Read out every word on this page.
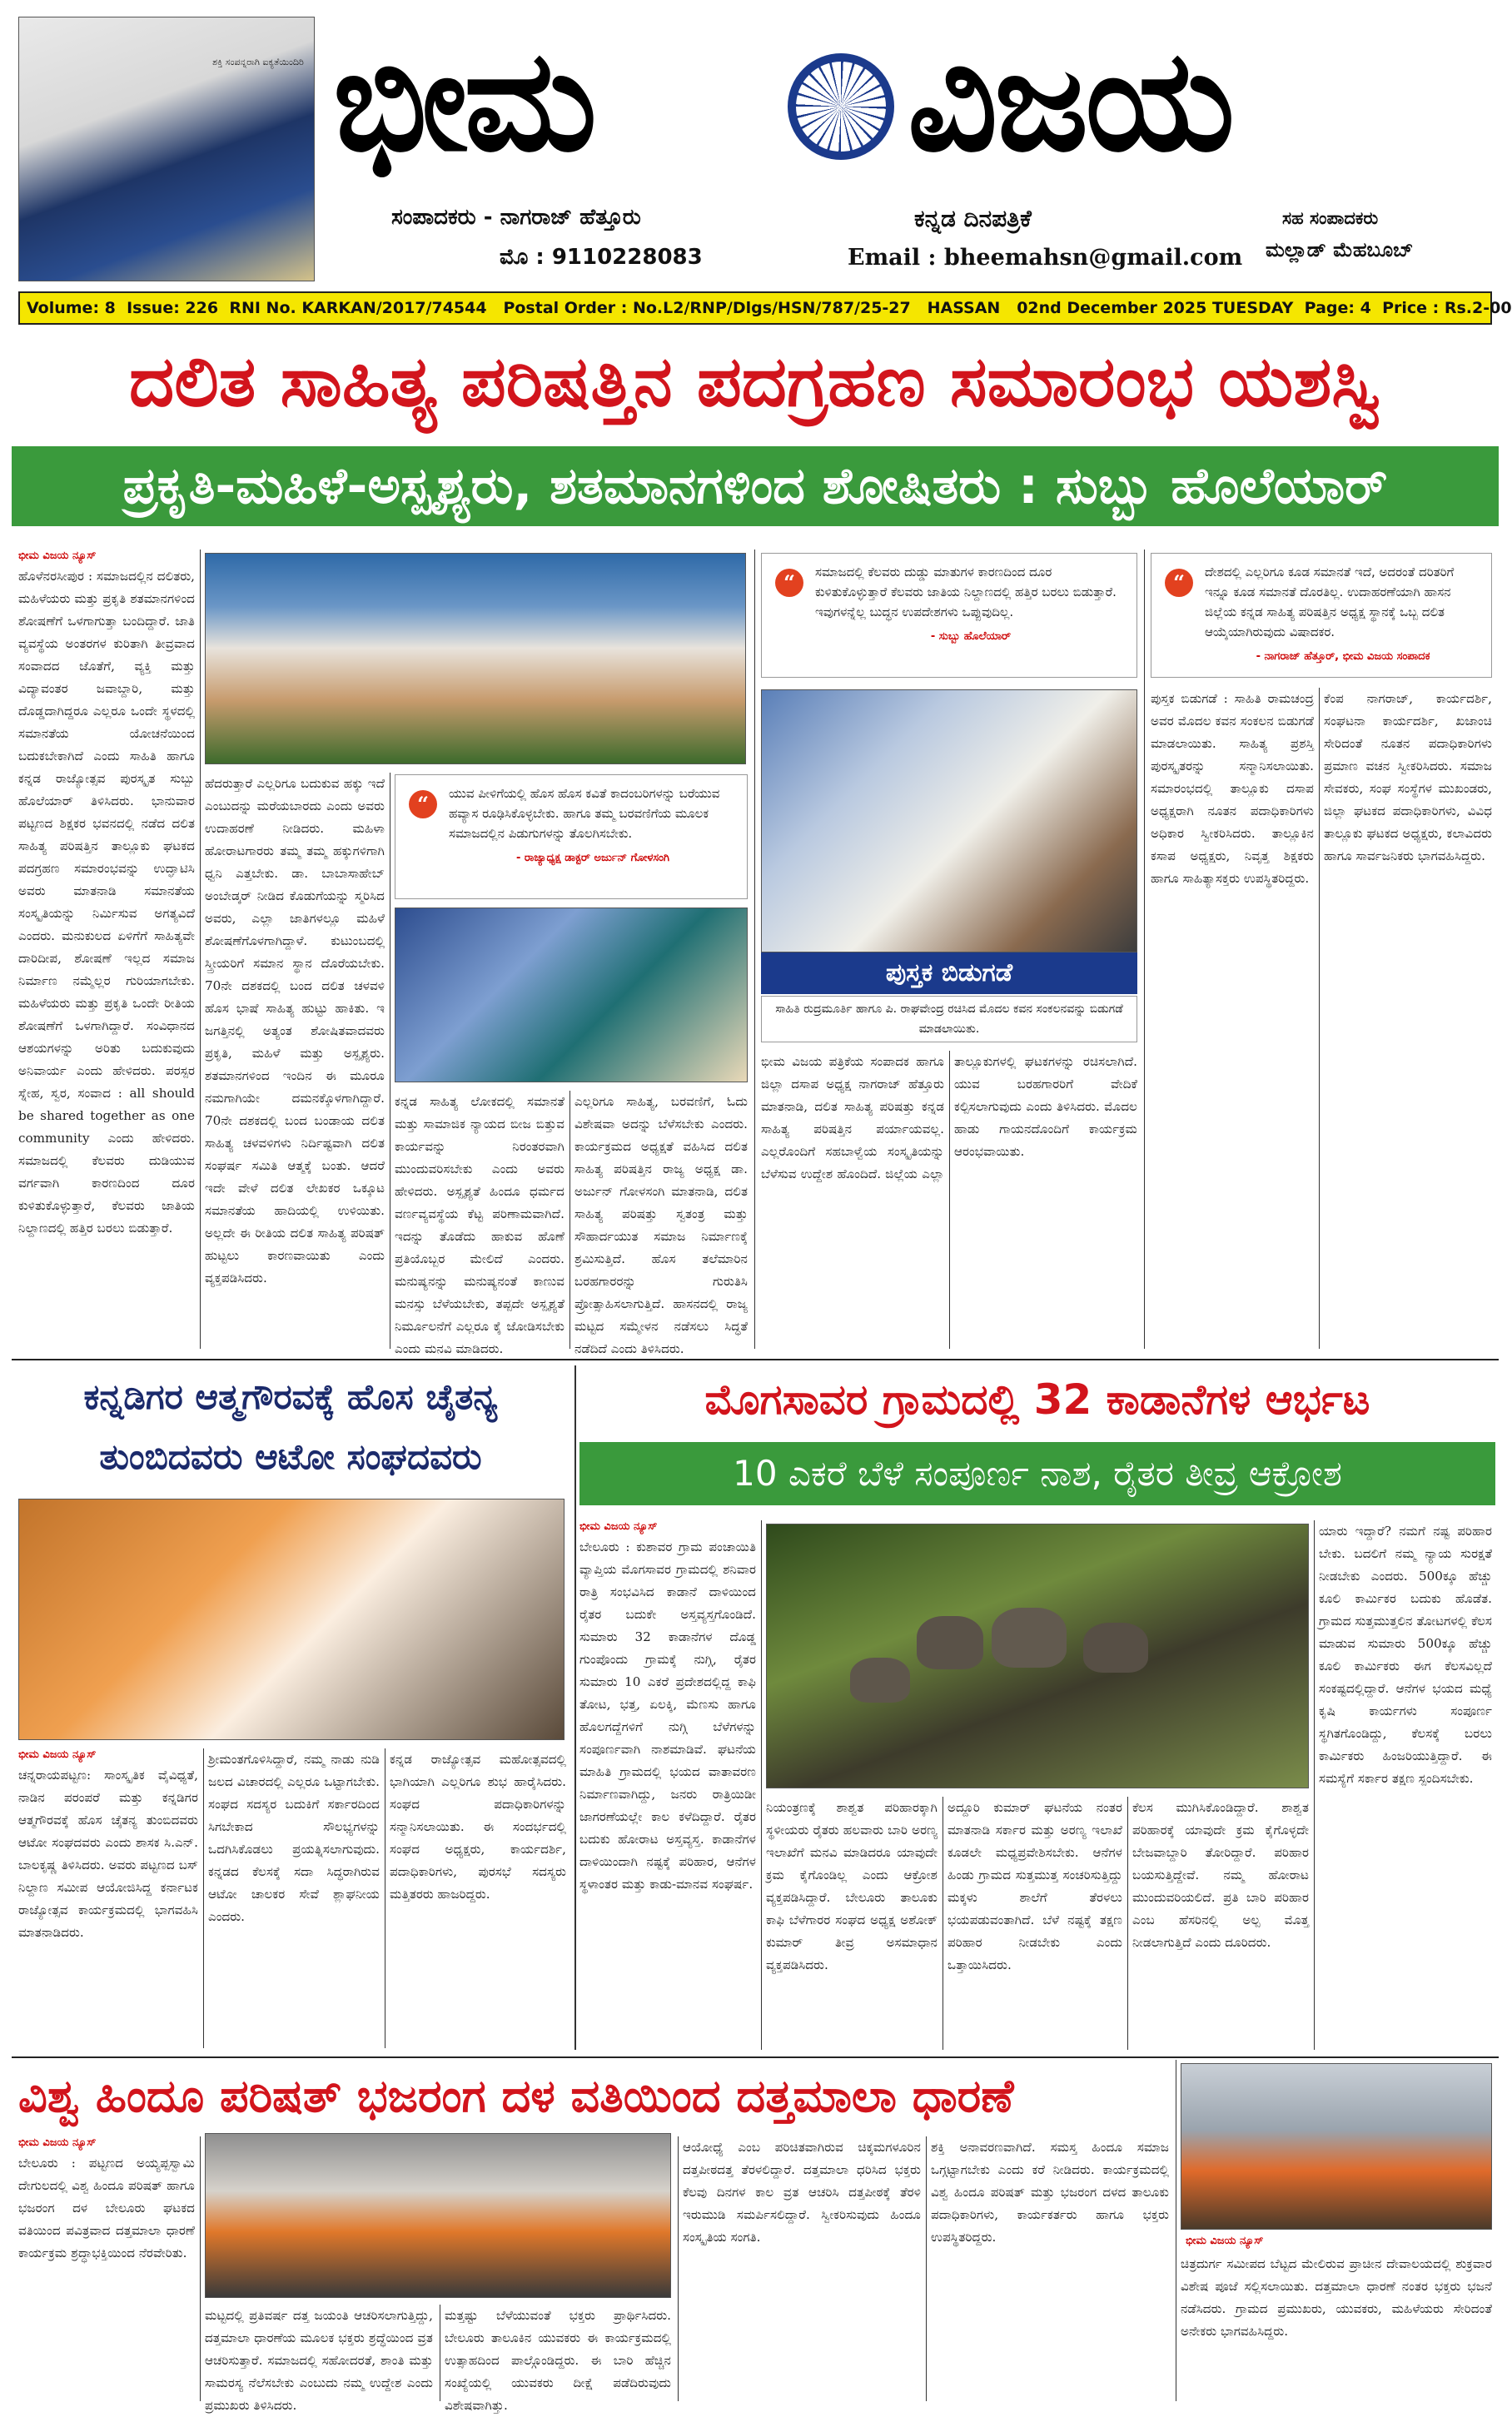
ಶಕ್ತಿ ಸಂಪನ್ನರಾಗಿ ಐಕ್ಯತೆಯಿಂದಿರಿ ಭೀಮ ವಿಜಯ
ಸಂಪಾದಕರು - ನಾಗರಾಜ್ ಹೆತ್ತೂರು
ಮೊ : 9110228083
ಕನ್ನಡ ದಿನಪತ್ರಿಕೆ
Email : bheemahsn@gmail.com
ಸಹ ಸಂಪಾದಕರು
ಮಲ್ಲಾಡ್ ಮೆಹಬೂಬ್
Volume: 8 Issue: 226 RNI No. KARKAN/2017/74544 Postal Order : No.L2/RNP/Dlgs/HSN/787/25-27 HASSAN 02nd December 2025 TUESDAY Page: 4 Price : Rs.2-00
ದಲಿತ ಸಾಹಿತ್ಯ ಪರಿಷತ್ತಿನ ಪದಗ್ರಹಣ ಸಮಾರಂಭ ಯಶಸ್ವಿ
ಪ್ರಕೃತಿ-ಮಹಿಳೆ-ಅಸ್ಪೃಶ್ಯರು, ಶತಮಾನಗಳಿಂದ ಶೋಷಿತರು : ಸುಬ್ಬು ಹೊಲೆಯಾರ್
ಭೀಮ ವಿಜಯ ನ್ಯೂಸ್
ಹೊಳೆನರಸೀಪುರ : ಸಮಾಜದಲ್ಲಿನ ದಲಿತರು, ಮಹಿಳೆಯರು ಮತ್ತು ಪ್ರಕೃತಿ ಶತಮಾನಗಳಿಂದ ಶೋಷಣೆಗೆ ಒಳಗಾಗುತ್ತಾ ಬಂದಿದ್ದಾರೆ. ಜಾತಿ ವ್ಯವಸ್ಥೆಯ ಅಂತರಗಳ ಕುರಿತಾಗಿ ತೀವ್ರವಾದ ಸಂವಾದದ ಜೊತೆಗೆ, ವ್ಯಕ್ತಿ ಮತ್ತು ವಿದ್ಯಾವಂತರ ಜವಾಬ್ದಾರಿ, ಮತ್ತು ದೊಡ್ಡದಾಗಿದ್ದರೂ ಎಲ್ಲರೂ ಒಂದೇ ಸ್ಥಳದಲ್ಲಿ ಸಮಾನತೆಯ ಯೋಚನೆಯಿಂದ ಬದುಕಬೇಕಾಗಿದೆ ಎಂದು ಸಾಹಿತಿ ಹಾಗೂ ಕನ್ನಡ ರಾಜ್ಯೋತ್ಸವ ಪುರಸ್ಕೃತ ಸುಬ್ಬು ಹೊಲೆಯಾರ್ ತಿಳಿಸಿದರು. ಭಾನುವಾರ ಪಟ್ಟಣದ ಶಿಕ್ಷಕರ ಭವನದಲ್ಲಿ ನಡೆದ ದಲಿತ ಸಾಹಿತ್ಯ ಪರಿಷತ್ತಿನ ತಾಲ್ಲೂಕು ಘಟಕದ ಪದಗ್ರಹಣ ಸಮಾರಂಭವನ್ನು ಉದ್ಘಾಟಿಸಿ ಅವರು ಮಾತನಾಡಿ ಸಮಾನತೆಯ ಸಂಸ್ಕೃತಿಯನ್ನು ನಿರ್ಮಿಸುವ ಅಗತ್ಯವಿದೆ ಎಂದರು. ಮನುಕುಲದ ಏಳಿಗೆಗೆ ಸಾಹಿತ್ಯವೇ ದಾರಿದೀಪ, ಶೋಷಣೆ ಇಲ್ಲದ ಸಮಾಜ ನಿರ್ಮಾಣ ನಮ್ಮೆಲ್ಲರ ಗುರಿಯಾಗಬೇಕು. ಮಹಿಳೆಯರು ಮತ್ತು ಪ್ರಕೃತಿ ಒಂದೇ ರೀತಿಯ ಶೋಷಣೆಗೆ ಒಳಗಾಗಿದ್ದಾರೆ. ಸಂವಿಧಾನದ ಆಶಯಗಳನ್ನು ಅರಿತು ಬದುಕುವುದು ಅನಿವಾರ್ಯ ಎಂದು ಹೇಳಿದರು. ಪರಸ್ಪರ ಸ್ನೇಹ, ಸ್ವರ, ಸಂವಾದ : all should be shared together as one community ಎಂದು ಹೇಳಿದರು. ಸಮಾಜದಲ್ಲಿ ಕೆಲವರು ದುಡಿಯುವ ವರ್ಗವಾಗಿ ಕಾರಣದಿಂದ ದೂರ ಕುಳಿತುಕೊಳ್ಳುತ್ತಾರೆ, ಕೆಲವರು ಜಾತಿಯ ನಿಲ್ದಾಣದಲ್ಲಿ ಹತ್ತಿರ ಬರಲು ಬಿಡುತ್ತಾರೆ.
ಹೆದರುತ್ತಾರೆ ಎಲ್ಲರಿಗೂ ಬದುಕುವ ಹಕ್ಕು ಇದೆ ಎಂಬುದನ್ನು ಮರೆಯಬಾರದು ಎಂದು ಅವರು ಉದಾಹರಣೆ ನೀಡಿದರು. ಮಹಿಳಾ ಹೋರಾಟಗಾರರು ತಮ್ಮ ತಮ್ಮ ಹಕ್ಕುಗಳಿಗಾಗಿ ಧ್ವನಿ ಎತ್ತಬೇಕು. ಡಾ. ಬಾಬಾಸಾಹೇಬ್ ಅಂಬೇಡ್ಕರ್ ನೀಡಿದ ಕೊಡುಗೆಯನ್ನು ಸ್ಮರಿಸಿದ ಅವರು, ಎಲ್ಲಾ ಜಾತಿಗಳಲ್ಲೂ ಮಹಿಳೆ ಶೋಷಣೆಗೊಳಗಾಗಿದ್ದಾಳೆ. ಕುಟುಂಬದಲ್ಲಿ ಸ್ತ್ರೀಯರಿಗೆ ಸಮಾನ ಸ್ಥಾನ ದೊರೆಯಬೇಕು. 70ನೇ ದಶಕದಲ್ಲಿ ಬಂದ ದಲಿತ ಚಳವಳಿ ಹೊಸ ಭಾಷೆ ಸಾಹಿತ್ಯ ಹುಟ್ಟು ಹಾಕಿತು. ಇ ಜಗತ್ತಿನಲ್ಲಿ ಅತ್ಯಂತ ಶೋಷಿತವಾದವರು ಪ್ರಕೃತಿ, ಮಹಿಳೆ ಮತ್ತು ಅಸ್ಪೃಶ್ಯರು. ಶತಮಾನಗಳಿಂದ ಇಂದಿನ ಈ ಮೂರೂ ನಮಗಾಗಿಯೇ ದಮನಕ್ಕೊಳಗಾಗಿದ್ದಾರೆ. 70ನೇ ದಶಕದಲ್ಲಿ ಬಂದ ಬಂಡಾಯ ದಲಿತ ಸಾಹಿತ್ಯ ಚಳವಳಿಗಳು ನಿರ್ದಿಷ್ಟವಾಗಿ ದಲಿತ ಸಂಘರ್ಷ ಸಮಿತಿ ಆತ್ಮಕ್ಕೆ ಬಂತು. ಆದರೆ ಇದೇ ವೇಳೆ ದಲಿತ ಲೇಖಕರ ಒಕ್ಕೂಟ ಸಮಾನತೆಯ ಹಾದಿಯಲ್ಲಿ ಉಳಿಯಿತು. ಅಲ್ಲದೇ ಈ ರೀತಿಯ ದಲಿತ ಸಾಹಿತ್ಯ ಪರಿಷತ್ ಹುಟ್ಟಲು ಕಾರಣವಾಯಿತು ಎಂದು ವ್ಯಕ್ತಪಡಿಸಿದರು.
“	ಯುವ ಪೀಳಿಗೆಯಲ್ಲಿ ಹೊಸ ಹೊಸ ಕವಿತೆ ಕಾದಂಬರಿಗಳನ್ನು ಬರೆಯುವ ಹವ್ಯಾಸ ರೂಢಿಸಿಕೊಳ್ಳಬೇಕು. ಹಾಗೂ ತಮ್ಮ ಬರವಣಿಗೆಯ ಮೂಲಕ ಸಮಾಜದಲ್ಲಿನ ಪಿಡುಗುಗಳನ್ನು ತೊಲಗಿಸಬೇಕು.
- ರಾಜ್ಯಾಧ್ಯಕ್ಷ ಡಾಕ್ಟರ್ ಅರ್ಜುನ್ ಗೋಳಸಂಗಿ
ಕನ್ನಡ ಸಾಹಿತ್ಯ ಲೋಕದಲ್ಲಿ ಸಮಾನತೆ ಮತ್ತು ಸಾಮಾಜಿಕ ನ್ಯಾಯದ ಬೀಜ ಬಿತ್ತುವ ಕಾರ್ಯವನ್ನು ನಿರಂತರವಾಗಿ ಮುಂದುವರಿಸಬೇಕು ಎಂದು ಅವರು ಹೇಳಿದರು. ಅಸ್ಪೃಶ್ಯತೆ ಹಿಂದೂ ಧರ್ಮದ ವರ್ಣವ್ಯವಸ್ಥೆಯ ಕೆಟ್ಟ ಪರಿಣಾಮವಾಗಿದೆ. ಇದನ್ನು ತೊಡೆದು ಹಾಕುವ ಹೊಣೆ ಪ್ರತಿಯೊಬ್ಬರ ಮೇಲಿದೆ ಎಂದರು. ಮನುಷ್ಯನನ್ನು ಮನುಷ್ಯನಂತೆ ಕಾಣುವ ಮನಸ್ಸು ಬೆಳೆಯಬೇಕು, ತಪ್ಪದೇ ಅಸ್ಪೃಶ್ಯತೆ ನಿರ್ಮೂಲನೆಗೆ ಎಲ್ಲರೂ ಕೈ ಜೋಡಿಸಬೇಕು ಎಂದು ಮನವಿ ಮಾಡಿದರು.
ಎಲ್ಲರಿಗೂ ಸಾಹಿತ್ಯ, ಬರವಣಿಗೆ, ಓದು ವಿಶೇಷವಾ ಅದನ್ನು ಬೆಳೆಸಬೇಕು ಎಂದರು. ಕಾರ್ಯಕ್ರಮದ ಅಧ್ಯಕ್ಷತೆ ವಹಿಸಿದ ದಲಿತ ಸಾಹಿತ್ಯ ಪರಿಷತ್ತಿನ ರಾಜ್ಯ ಅಧ್ಯಕ್ಷ ಡಾ. ಅರ್ಜುನ್ ಗೋಳಸಂಗಿ ಮಾತನಾಡಿ, ದಲಿತ ಸಾಹಿತ್ಯ ಪರಿಷತ್ತು ಸ್ವತಂತ್ರ ಮತ್ತು ಸೌಹಾರ್ದಯುತ ಸಮಾಜ ನಿರ್ಮಾಣಕ್ಕೆ ಶ್ರಮಿಸುತ್ತಿದೆ. ಹೊಸ ತಲೆಮಾರಿನ ಬರಹಗಾರರನ್ನು ಗುರುತಿಸಿ ಪ್ರೋತ್ಸಾಹಿಸಲಾಗುತ್ತಿದೆ. ಹಾಸನದಲ್ಲಿ ರಾಜ್ಯ ಮಟ್ಟದ ಸಮ್ಮೇಳನ ನಡೆಸಲು ಸಿದ್ಧತೆ ನಡೆದಿದೆ ಎಂದು ತಿಳಿಸಿದರು.
“	ಸಮಾಜದಲ್ಲಿ ಕೆಲವರು ದುಡ್ಡು ಮಾತುಗಳ ಕಾರಣದಿಂದ ದೂರ ಕುಳಿತುಕೊಳ್ಳುತ್ತಾರೆ ಕೆಲವರು ಜಾತಿಯ ನಿಲ್ದಾಣದಲ್ಲಿ ಹತ್ತಿರ ಬರಲು ಬಿಡುತ್ತಾರೆ. ಇವುಗಳನ್ನೆಲ್ಲ ಬುದ್ಧನ ಉಪದೇಶಗಳು ಒಪ್ಪುವುದಿಲ್ಲ.
- ಸುಬ್ಬು ಹೊಲೆಯಾರ್
ಪುಸ್ತಕ ಬಿಡುಗಡೆ
ಸಾಹಿತಿ ರುದ್ರಮೂರ್ತಿ ಹಾಗೂ ಪಿ. ರಾಘವೇಂದ್ರ ರಚಿಸಿದ ಮೊದಲ ಕವನ ಸಂಕಲನವನ್ನು ಬಿಡುಗಡೆ ಮಾಡಲಾಯಿತು.
ಭೀಮ ವಿಜಯ ಪತ್ರಿಕೆಯ ಸಂಪಾದಕ ಹಾಗೂ ಜಿಲ್ಲಾ ದಸಾಪ ಅಧ್ಯಕ್ಷ ನಾಗರಾಜ್ ಹೆತ್ತೂರು ಮಾತನಾಡಿ, ದಲಿತ ಸಾಹಿತ್ಯ ಪರಿಷತ್ತು ಕನ್ನಡ ಸಾಹಿತ್ಯ ಪರಿಷತ್ತಿನ ಪರ್ಯಾಯವಲ್ಲ. ಎಲ್ಲರೊಂದಿಗೆ ಸಹಬಾಳ್ವೆಯ ಸಂಸ್ಕೃತಿಯನ್ನು ಬೆಳೆಸುವ ಉದ್ದೇಶ ಹೊಂದಿದೆ. ಜಿಲ್ಲೆಯ ಎಲ್ಲಾ ತಾಲ್ಲೂಕುಗಳಲ್ಲಿ ಘಟಕಗಳನ್ನು ರಚಿಸಲಾಗಿದೆ. ಯುವ ಬರಹಗಾರರಿಗೆ ವೇದಿಕೆ ಕಲ್ಪಿಸಲಾಗುವುದು ಎಂದು ತಿಳಿಸಿದರು. ಮೊದಲ ಹಾಡು ಗಾಯನದೊಂದಿಗೆ ಕಾರ್ಯಕ್ರಮ ಆರಂಭವಾಯಿತು.
“	ದೇಶದಲ್ಲಿ ಎಲ್ಲರಿಗೂ ಕೂಡ ಸಮಾನತೆ ಇದೆ, ಅದರಂತೆ ದರಿತರಿಗೆ ಇನ್ನೂ ಕೂಡ ಸಮಾನತೆ ದೊರತಿಲ್ಲ. ಉದಾಹರಣೆಯಾಗಿ ಹಾಸನ ಜಿಲ್ಲೆಯ ಕನ್ನಡ ಸಾಹಿತ್ಯ ಪರಿಷತ್ತಿನ ಅಧ್ಯಕ್ಷ ಸ್ಥಾನಕ್ಕೆ ಒಬ್ಬ ದಲಿತ ಆಯ್ಕೆಯಾಗಿರುವುದು ವಿಷಾದಕರ.
- ನಾಗರಾಜ್ ಹೆತ್ತೂರ್, ಭೀಮ ವಿಜಯ ಸಂಪಾದಕ
ಪುಸ್ತಕ ಬಿಡುಗಡೆ : ಸಾಹಿತಿ ರಾಮಚಂದ್ರ ಅವರ ಮೊದಲ ಕವನ ಸಂಕಲನ ಬಿಡುಗಡೆ ಮಾಡಲಾಯಿತು. ಸಾಹಿತ್ಯ ಪ್ರಶಸ್ತಿ ಪುರಸ್ಕೃತರನ್ನು ಸನ್ಮಾನಿಸಲಾಯಿತು. ಸಮಾರಂಭದಲ್ಲಿ ತಾಲ್ಲೂಕು ದಸಾಪ ಅಧ್ಯಕ್ಷರಾಗಿ ನೂತನ ಪದಾಧಿಕಾರಿಗಳು ಅಧಿಕಾರ ಸ್ವೀಕರಿಸಿದರು. ತಾಲ್ಲೂಕಿನ ಕಸಾಪ ಅಧ್ಯಕ್ಷರು, ನಿವೃತ್ತ ಶಿಕ್ಷಕರು ಹಾಗೂ ಸಾಹಿತ್ಯಾಸಕ್ತರು ಉಪಸ್ಥಿತರಿದ್ದರು.
ಕೆಂಪ ನಾಗರಾಜ್, ಕಾರ್ಯದರ್ಶಿ, ಸಂಘಟನಾ ಕಾರ್ಯದರ್ಶಿ, ಖಜಾಂಚಿ ಸೇರಿದಂತೆ ನೂತನ ಪದಾಧಿಕಾರಿಗಳು ಪ್ರಮಾಣ ವಚನ ಸ್ವೀಕರಿಸಿದರು. ಸಮಾಜ ಸೇವಕರು, ಸಂಘ ಸಂಸ್ಥೆಗಳ ಮುಖಂಡರು, ಜಿಲ್ಲಾ ಘಟಕದ ಪದಾಧಿಕಾರಿಗಳು, ವಿವಿಧ ತಾಲ್ಲೂಕು ಘಟಕದ ಅಧ್ಯಕ್ಷರು, ಕಲಾವಿದರು ಹಾಗೂ ಸಾರ್ವಜನಿಕರು ಭಾಗವಹಿಸಿದ್ದರು.
ಕನ್ನಡಿಗರ ಆತ್ಮಗೌರವಕ್ಕೆ ಹೊಸ ಚೈತನ್ಯ ತುಂಬಿದವರು ಆಟೋ ಸಂಘದವರು
ಭೀಮ ವಿಜಯ ನ್ಯೂಸ್
ಚನ್ನರಾಯಪಟ್ಟಣ: ಸಾಂಸ್ಕೃತಿಕ ವೈವಿಧ್ಯತೆ, ನಾಡಿನ ಪರಂಪರೆ ಮತ್ತು ಕನ್ನಡಿಗರ ಆತ್ಮಗೌರವಕ್ಕೆ ಹೊಸ ಚೈತನ್ಯ ತುಂಬಿದವರು ಆಟೋ ಸಂಘದವರು ಎಂದು ಶಾಸಕ ಸಿ.ಎನ್. ಬಾಲಕೃಷ್ಣ ತಿಳಿಸಿದರು. ಅವರು ಪಟ್ಟಣದ ಬಸ್ ನಿಲ್ದಾಣ ಸಮೀಪ ಆಯೋಜಿಸಿದ್ದ ಕರ್ನಾಟಕ ರಾಜ್ಯೋತ್ಸವ ಕಾರ್ಯಕ್ರಮದಲ್ಲಿ ಭಾಗವಹಿಸಿ ಮಾತನಾಡಿದರು.
ಶ್ರೀಮಂತಗೊಳಿಸಿದ್ದಾರೆ, ನಮ್ಮ ನಾಡು ನುಡಿ ಜಲದ ವಿಚಾರದಲ್ಲಿ ಎಲ್ಲರೂ ಒಟ್ಟಾಗಬೇಕು. ಸಂಘದ ಸದಸ್ಯರ ಬದುಕಿಗೆ ಸರ್ಕಾರದಿಂದ ಸಿಗಬೇಕಾದ ಸೌಲಭ್ಯಗಳನ್ನು ಒದಗಿಸಿಕೊಡಲು ಪ್ರಯತ್ನಿಸಲಾಗುವುದು. ಕನ್ನಡದ ಕೆಲಸಕ್ಕೆ ಸದಾ ಸಿದ್ಧರಾಗಿರುವ ಆಟೋ ಚಾಲಕರ ಸೇವೆ ಶ್ಲಾಘನೀಯ ಎಂದರು.
ಕನ್ನಡ ರಾಜ್ಯೋತ್ಸವ ಮಹೋತ್ಸವದಲ್ಲಿ ಭಾಗಿಯಾಗಿ ಎಲ್ಲರಿಗೂ ಶುಭ ಹಾರೈಸಿದರು. ಸಂಘದ ಪದಾಧಿಕಾರಿಗಳನ್ನು ಸನ್ಮಾನಿಸಲಾಯಿತು. ಈ ಸಂದರ್ಭದಲ್ಲಿ ಸಂಘದ ಅಧ್ಯಕ್ಷರು, ಕಾರ್ಯದರ್ಶಿ, ಪದಾಧಿಕಾರಿಗಳು, ಪುರಸಭೆ ಸದಸ್ಯರು ಮತ್ತಿತರರು ಹಾಜರಿದ್ದರು.
ಮೊಗಸಾವರ ಗ್ರಾಮದಲ್ಲಿ 32 ಕಾಡಾನೆಗಳ ಆರ್ಭಟ
10 ಎಕರೆ ಬೆಳೆ ಸಂಪೂರ್ಣ ನಾಶ, ರೈತರ ತೀವ್ರ ಆಕ್ರೋಶ
ಭೀಮ ವಿಜಯ ನ್ಯೂಸ್
ಬೇಲೂರು : ಕುಶಾವರ ಗ್ರಾಮ ಪಂಚಾಯಿತಿ ವ್ಯಾಪ್ತಿಯ ಮೊಗಸಾವರ ಗ್ರಾಮದಲ್ಲಿ ಶನಿವಾರ ರಾತ್ರಿ ಸಂಭವಿಸಿದ ಕಾಡಾನೆ ದಾಳಿಯಿಂದ ರೈತರ ಬದುಕೇ ಅಸ್ತವ್ಯಸ್ತಗೊಂಡಿದೆ. ಸುಮಾರು 32 ಕಾಡಾನೆಗಳ ದೊಡ್ಡ ಗುಂಪೊಂದು ಗ್ರಾಮಕ್ಕೆ ನುಗ್ಗಿ, ರೈತರ ಸುಮಾರು 10 ಎಕರೆ ಪ್ರದೇಶದಲ್ಲಿದ್ದ ಕಾಫಿ ತೋಟ, ಭತ್ತ, ಏಲಕ್ಕಿ, ಮೆಣಸು ಹಾಗೂ ಹೊಲಗದ್ದೆಗಳಿಗೆ ನುಗ್ಗಿ ಬೆಳೆಗಳನ್ನು ಸಂಪೂರ್ಣವಾಗಿ ನಾಶಮಾಡಿವೆ. ಘಟನೆಯ ಮಾಹಿತಿ ಗ್ರಾಮದಲ್ಲಿ ಭಯದ ವಾತಾವರಣ ನಿರ್ಮಾಣವಾಗಿದ್ದು, ಜನರು ರಾತ್ರಿಯಿಡೀ ಜಾಗರಣೆಯಲ್ಲೇ ಕಾಲ ಕಳೆದಿದ್ದಾರೆ. ರೈತರ ಬದುಕು ಹೋರಾಟ ಅಸ್ತವ್ಯಸ್ತ. ಕಾಡಾನೆಗಳ ದಾಳಿಯಿಂದಾಗಿ ನಷ್ಟಕ್ಕೆ ಪರಿಹಾರ, ಆನೆಗಳ ಸ್ಥಳಾಂತರ ಮತ್ತು ಕಾಡು-ಮಾನವ ಸಂಘರ್ಷ.
ನಿಯಂತ್ರಣಕ್ಕೆ ಶಾಶ್ವತ ಪರಿಹಾರಕ್ಕಾಗಿ ಸ್ಥಳೀಯರು ರೈತರು ಹಲವಾರು ಬಾರಿ ಅರಣ್ಯ ಇಲಾಖೆಗೆ ಮನವಿ ಮಾಡಿದರೂ ಯಾವುದೇ ಕ್ರಮ ಕೈಗೊಂಡಿಲ್ಲ ಎಂದು ಆಕ್ರೋಶ ವ್ಯಕ್ತಪಡಿಸಿದ್ದಾರೆ. ಬೇಲೂರು ತಾಲೂಕು ಕಾಫಿ ಬೆಳೆಗಾರರ ಸಂಘದ ಅಧ್ಯಕ್ಷ ಅಶೋಕ್ ಕುಮಾರ್ ತೀವ್ರ ಅಸಮಾಧಾನ ವ್ಯಕ್ತಪಡಿಸಿದರು.
ಅದ್ದೂರಿ ಕುಮಾರ್ ಘಟನೆಯ ನಂತರ ಮಾತನಾಡಿ ಸರ್ಕಾರ ಮತ್ತು ಅರಣ್ಯ ಇಲಾಖೆ ಕೂಡಲೇ ಮಧ್ಯಪ್ರವೇಶಿಸಬೇಕು. ಆನೆಗಳ ಹಿಂಡು ಗ್ರಾಮದ ಸುತ್ತಮುತ್ತ ಸಂಚರಿಸುತ್ತಿದ್ದು ಮಕ್ಕಳು ಶಾಲೆಗೆ ತೆರಳಲು ಭಯಪಡುವಂತಾಗಿದೆ. ಬೆಳೆ ನಷ್ಟಕ್ಕೆ ತಕ್ಷಣ ಪರಿಹಾರ ನೀಡಬೇಕು ಎಂದು ಒತ್ತಾಯಿಸಿದರು.
ಕೆಲಸ ಮುಗಿಸಿಕೊಂಡಿದ್ದಾರೆ. ಶಾಶ್ವತ ಪರಿಹಾರಕ್ಕೆ ಯಾವುದೇ ಕ್ರಮ ಕೈಗೊಳ್ಳದೇ ಬೇಜವಾಬ್ದಾರಿ ತೋರಿದ್ದಾರೆ. ಪರಿಹಾರ ಬಯಸುತ್ತಿದ್ದೇವೆ. ನಮ್ಮ ಹೋರಾಟ ಮುಂದುವರಿಯಲಿದೆ. ಪ್ರತಿ ಬಾರಿ ಪರಿಹಾರ ಎಂಬ ಹೆಸರಿನಲ್ಲಿ ಅಲ್ಪ ಮೊತ್ತ ನೀಡಲಾಗುತ್ತಿದೆ ಎಂದು ದೂರಿದರು.
ಯಾರು ಇದ್ದಾರೆ? ನಮಗೆ ನಷ್ಟ ಪರಿಹಾರ ಬೇಕು. ಬದಲಿಗೆ ನಮ್ಮ ನ್ಯಾಯ ಸುರಕ್ಷತೆ ನೀಡಬೇಕು ಎಂದರು. 500ಕ್ಕೂ ಹೆಚ್ಚು ಕೂಲಿ ಕಾರ್ಮಿಕರ ಬದುಕು ಹೊಡೆತ. ಗ್ರಾಮದ ಸುತ್ತಮುತ್ತಲಿನ ತೋಟಗಳಲ್ಲಿ ಕೆಲಸ ಮಾಡುವ ಸುಮಾರು 500ಕ್ಕೂ ಹೆಚ್ಚು ಕೂಲಿ ಕಾರ್ಮಿಕರು ಈಗ ಕೆಲಸವಿಲ್ಲದೆ ಸಂಕಷ್ಟದಲ್ಲಿದ್ದಾರೆ. ಆನೆಗಳ ಭಯದ ಮಧ್ಯೆ ಕೃಷಿ ಕಾರ್ಯಗಳು ಸಂಪೂರ್ಣ ಸ್ಥಗಿತಗೊಂಡಿದ್ದು, ಕೆಲಸಕ್ಕೆ ಬರಲು ಕಾರ್ಮಿಕರು ಹಿಂಜರಿಯುತ್ತಿದ್ದಾರೆ. ಈ ಸಮಸ್ಯೆಗೆ ಸರ್ಕಾರ ತಕ್ಷಣ ಸ್ಪಂದಿಸಬೇಕು.
ವಿಶ್ವ ಹಿಂದೂ ಪರಿಷತ್ ಭಜರಂಗ ದಳ ವತಿಯಿಂದ ದತ್ತಮಾಲಾ ಧಾರಣೆ
ಭೀಮ ವಿಜಯ ನ್ಯೂಸ್
ಬೇಲೂರು : ಪಟ್ಟಣದ ಅಯ್ಯಪ್ಪಸ್ವಾಮಿ ದೇಗುಲದಲ್ಲಿ ವಿಶ್ವ ಹಿಂದೂ ಪರಿಷತ್ ಹಾಗೂ ಭಜರಂಗ ದಳ ಬೇಲೂರು ಘಟಕದ ವತಿಯಿಂದ ಪವಿತ್ರವಾದ ದತ್ತಮಾಲಾ ಧಾರಣೆ ಕಾರ್ಯಕ್ರಮ ಶ್ರದ್ಧಾಭಕ್ತಿಯಿಂದ ನೆರವೇರಿತು.
ಮಟ್ಟದಲ್ಲಿ ಪ್ರತಿವರ್ಷ ದತ್ತ ಜಯಂತಿ ಆಚರಿಸಲಾಗುತ್ತಿದ್ದು, ದತ್ತಮಾಲಾ ಧಾರಣೆಯ ಮೂಲಕ ಭಕ್ತರು ಶ್ರದ್ಧೆಯಿಂದ ವ್ರತ ಆಚರಿಸುತ್ತಾರೆ. ಸಮಾಜದಲ್ಲಿ ಸಹೋದರತೆ, ಶಾಂತಿ ಮತ್ತು ಸಾಮರಸ್ಯ ನೆಲೆಸಬೇಕು ಎಂಬುದು ನಮ್ಮ ಉದ್ದೇಶ ಎಂದು ಪ್ರಮುಖರು ತಿಳಿಸಿದರು.
ಮತ್ತಷ್ಟು ಬೆಳೆಯುವಂತೆ ಭಕ್ತರು ಪ್ರಾರ್ಥಿಸಿದರು. ಬೇಲೂರು ತಾಲೂಕಿನ ಯುವಕರು ಈ ಕಾರ್ಯಕ್ರಮದಲ್ಲಿ ಉತ್ಸಾಹದಿಂದ ಪಾಲ್ಗೊಂಡಿದ್ದರು. ಈ ಬಾರಿ ಹೆಚ್ಚಿನ ಸಂಖ್ಯೆಯಲ್ಲಿ ಯುವಕರು ದೀಕ್ಷೆ ಪಡೆದಿರುವುದು ವಿಶೇಷವಾಗಿತ್ತು.
ಆಯೋಧ್ಯೆ ಎಂಬ ಪರಿಚಿತವಾಗಿರುವ ಚಿಕ್ಕಮಗಳೂರಿನ ದತ್ತಪೀಠದತ್ತ ತೆರಳಲಿದ್ದಾರೆ. ದತ್ತಮಾಲಾ ಧರಿಸಿದ ಭಕ್ತರು ಕೆಲವು ದಿನಗಳ ಕಾಲ ವ್ರತ ಆಚರಿಸಿ ದತ್ತಪೀಠಕ್ಕೆ ತೆರಳಿ ಇರುಮುಡಿ ಸಮರ್ಪಿಸಲಿದ್ದಾರೆ. ಸ್ವೀಕರಿಸುವುದು ಹಿಂದೂ ಸಂಸ್ಕೃತಿಯ ಸಂಗತಿ.
ಶಕ್ತಿ ಅನಾವರಣವಾಗಿದೆ. ಸಮಸ್ತ ಹಿಂದೂ ಸಮಾಜ ಒಗ್ಗಟ್ಟಾಗಬೇಕು ಎಂದು ಕರೆ ನೀಡಿದರು. ಕಾರ್ಯಕ್ರಮದಲ್ಲಿ ವಿಶ್ವ ಹಿಂದೂ ಪರಿಷತ್ ಮತ್ತು ಭಜರಂಗ ದಳದ ತಾಲೂಕು ಪದಾಧಿಕಾರಿಗಳು, ಕಾರ್ಯಕರ್ತರು ಹಾಗೂ ಭಕ್ತರು ಉಪಸ್ಥಿತರಿದ್ದರು.	ಭೀಮ ವಿಜಯ ನ್ಯೂಸ್
ಚಿತ್ರದುರ್ಗ ಸಮೀಪದ ಬೆಟ್ಟದ ಮೇಲಿರುವ ಪ್ರಾಚೀನ ದೇವಾಲಯದಲ್ಲಿ ಶುಕ್ರವಾರ ವಿಶೇಷ ಪೂಜೆ ಸಲ್ಲಿಸಲಾಯಿತು. ದತ್ತಮಾಲಾ ಧಾರಣೆ ನಂತರ ಭಕ್ತರು ಭಜನೆ ನಡೆಸಿದರು. ಗ್ರಾಮದ ಪ್ರಮುಖರು, ಯುವಕರು, ಮಹಿಳೆಯರು ಸೇರಿದಂತೆ ಅನೇಕರು ಭಾಗವಹಿಸಿದ್ದರು.
